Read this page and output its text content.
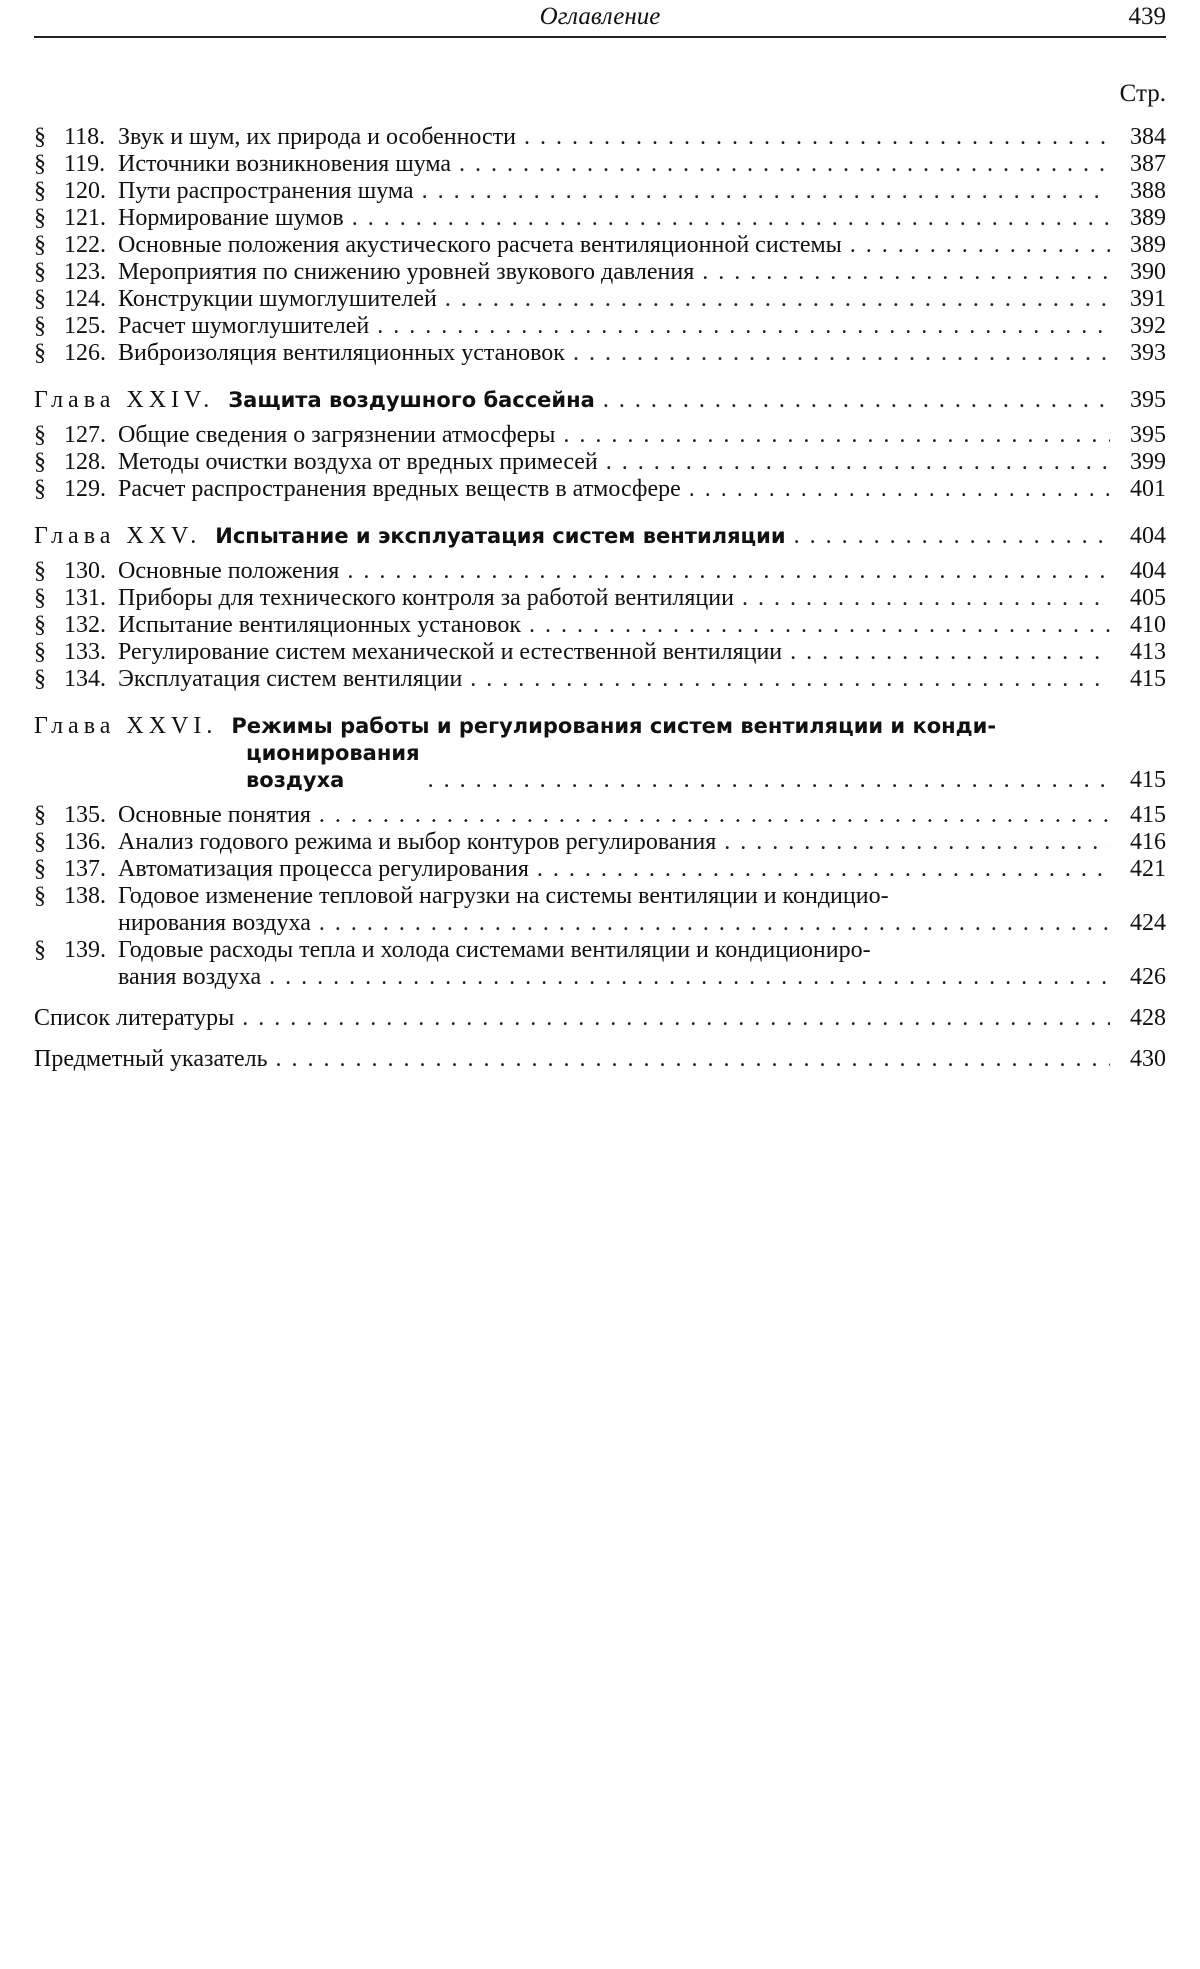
Оглавление	439
Стр.
§ 118. Звук и шум, их природа и особенности ....................................	384
§ 119. Источники возникновения шума ........................................	387
§ 120. Пути распространения шума ........................................... 388
§ 121. Нормирование шумов ...............................................	389
§ 122. Основные положения акустического расчета вентиляционной системы ..................
389
§ 123. Мероприятия по снижению уровней звукового давления .........................	390
§ 124. Конструкции шумоглушителей .........................................	391
§ 125. Расчет шумоглушителей .............................................	392
§ 126. Виброизоляция вентиляционных установок ....................................
393
Глава XXIV. Защита воздушного бассейна ...............................	395
§ 127. Общие сведения о загрязнении атмосферы ....................................
395
§ 128. Методы очистки воздуха от вредных примесей ...............................	399
§ 129. Расчет распространения вредных веществ в атмосфере ........................... 401
Глава XXV. Испытание и эксплуатация систем вентиляции ...................	404
§ 130. Основные положения ...............................................	404
§ 131. Приборы для технического контроля за работой вентиляции ....................... 405
§ 132. Испытание вентиляционных установок ....................................	410
§ 133. Регулирование систем механической и естественной вентиляции .................... 413
§ 134. Эксплуатация систем вентиляции ........................................ 415
Глава XXVI. Режимы работы и регулирования систем вентиляции и конди-
ционирования воздуха	..........................................	415
§ 135. Основные понятия .................................................	415
§ 136. Анализ годового режима и выбор контуров регулирования ........................ 416
§ 137. Автоматизация процесса регулирования .................................... 421
§ 138. Годовое изменение тепловой нагрузки на системы вентиляции и кондицио-
нирования воздуха .................................................	424
§ 139. Годовые расходы тепла и холода системами вентиляции и кондициониро-
вания воздуха ......................................................
426
Список литературы ...................................................... 428
Предметный указатель .................................................... 430
